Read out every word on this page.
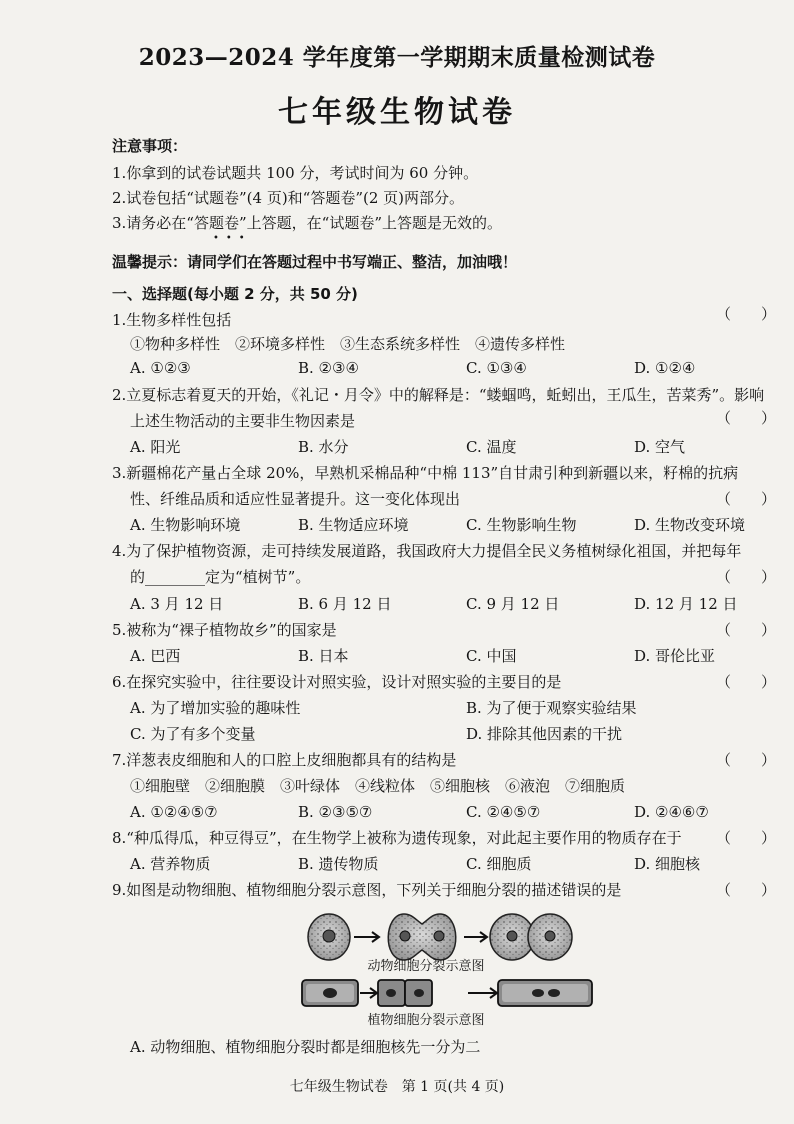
2023—2024 学年度第一学期期末质量检测试卷
七年级生物试卷
注意事项：
1.你拿到的试卷试题共 100 分，考试时间为 60 分钟。
2.试卷包括“试题卷”(4 页)和“答题卷”(2 页)两部分。
3.请务必在“答题卷”上答题，在“试题卷”上答题是无效的。
•••
温馨提示：请同学们在答题过程中书写端正、整洁，加油哦！
一、选择题(每小题 2 分，共 50 分)
1.生物多样性包括	（　　）
①物种多样性　②环境多样性　③生态系统多样性　④遗传多样性
A. ①②③	B. ②③④	C. ①③④	D. ①②④
2.立夏标志着夏天的开始，《礼记・月令》中的解释是：“蝼蝈鸣，蚯蚓出，王瓜生，苦菜秀”。影响
上述生物活动的主要非生物因素是	（　　）
A. 阳光	B. 水分	C. 温度	D. 空气
3.新疆棉花产量占全球 20%，早熟机采棉品种“中棉 113”自甘肃引种到新疆以来，籽棉的抗病
性、纤维品质和适应性显著提升。这一变化体现出	（　　）
A. 生物影响环境	B. 生物适应环境	C. 生物影响生物	D. 生物改变环境
4.为了保护植物资源，走可持续发展道路，我国政府大力提倡全民义务植树绿化祖国，并把每年
的________定为“植树节”。	（　　）
A. 3 月 12 日	B. 6 月 12 日	C. 9 月 12 日	D. 12 月 12 日
5.被称为“裸子植物故乡”的国家是	（　　）
A. 巴西	B. 日本	C. 中国	D. 哥伦比亚
6.在探究实验中，往往要设计对照实验，设计对照实验的主要目的是	（　　）
A. 为了增加实验的趣味性	B. 为了便于观察实验结果
C. 为了有多个变量	D. 排除其他因素的干扰
7.洋葱表皮细胞和人的口腔上皮细胞都具有的结构是	（　　）
①细胞壁　②细胞膜　③叶绿体　④线粒体　⑤细胞核　⑥液泡　⑦细胞质
A. ①②④⑤⑦	B. ②③⑤⑦	C. ②④⑤⑦	D. ②④⑥⑦
8.“种瓜得瓜，种豆得豆”，在生物学上被称为遗传现象，对此起主要作用的物质存在于 （　　）
A. 营养物质	B. 遗传物质	C. 细胞质	D. 细胞核
9.如图是动物细胞、植物细胞分裂示意图，下列关于细胞分裂的描述错误的是	（　　）
动物细胞分裂示意图
植物细胞分裂示意图
A. 动物细胞、植物细胞分裂时都是细胞核先一分为二
七年级生物试卷　第 1 页(共 4 页)
